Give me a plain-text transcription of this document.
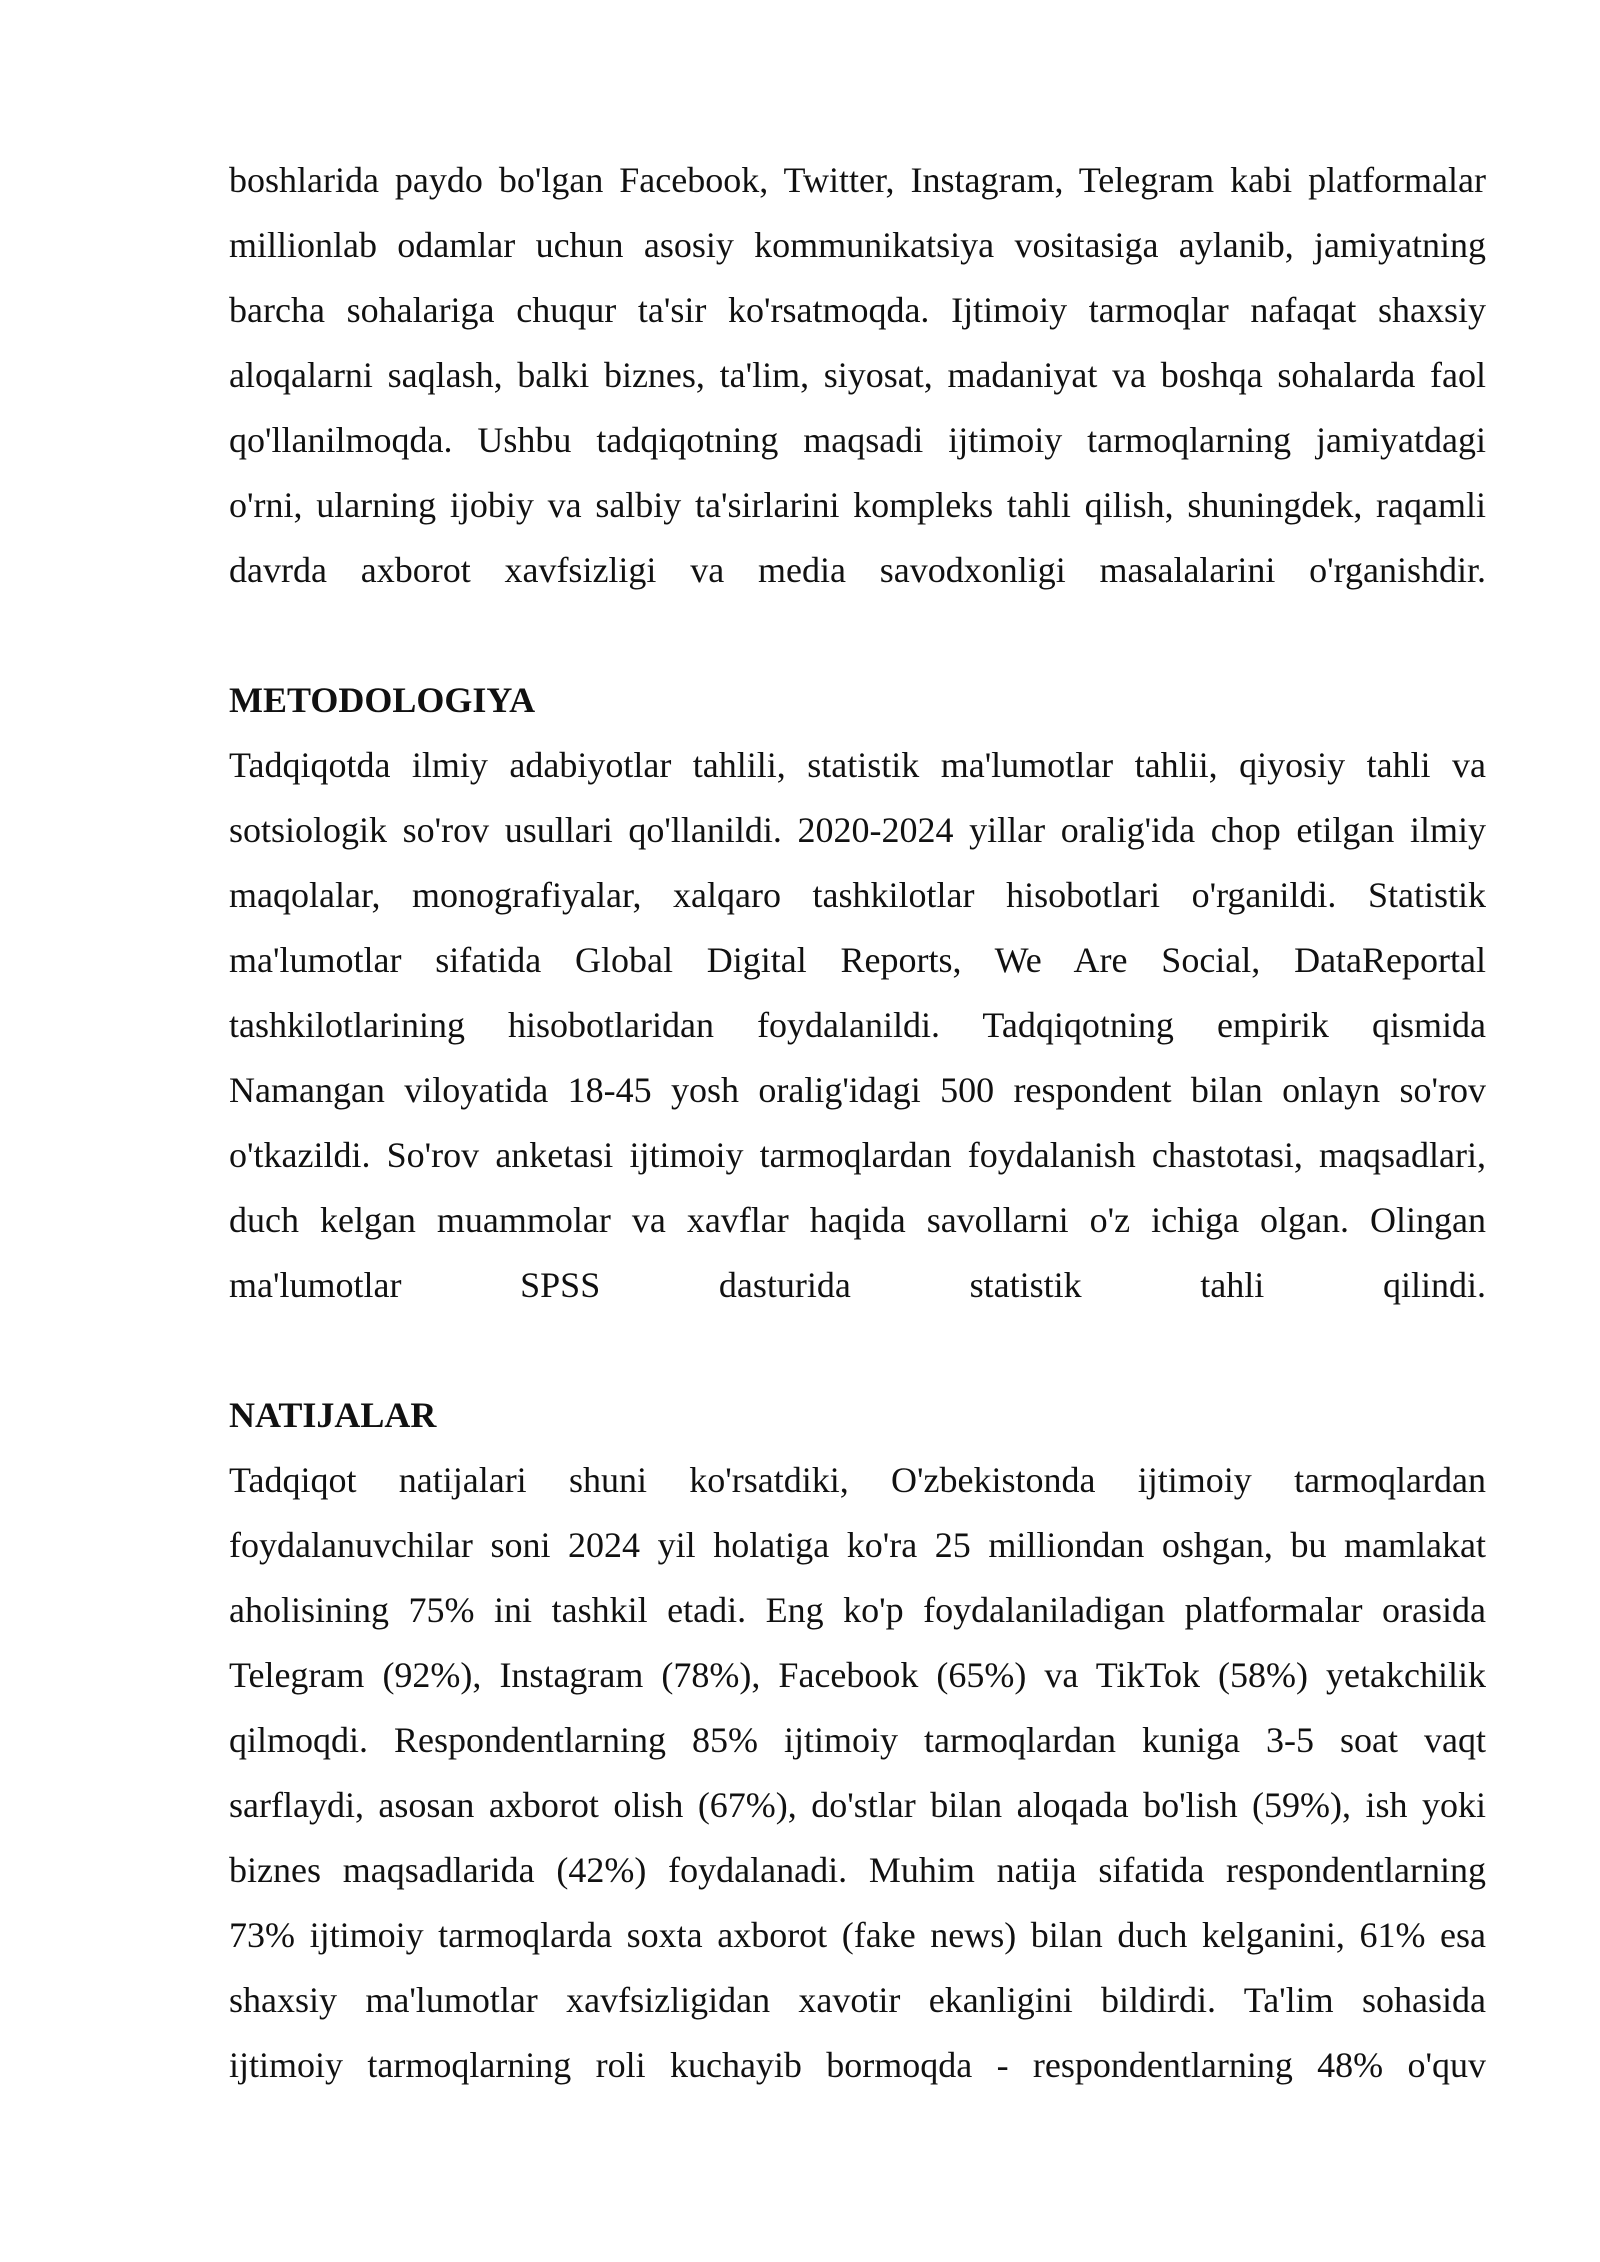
boshlarida paydo bo'lgan Facebook, Twitter, Instagram, Telegram kabi platformalar

millionlab odamlar uchun asosiy kommunikatsiya vositasiga aylanib, jamiyatning

barcha sohalariga chuqur ta'sir ko'rsatmoqda. Ijtimoiy tarmoqlar nafaqat shaxsiy

aloqalarni saqlash, balki biznes, ta'lim, siyosat, madaniyat va boshqa sohalarda faol

qo'llanilmoqda. Ushbu tadqiqotning maqsadi ijtimoiy tarmoqlarning jamiyatdagi

o'rni, ularning ijobiy va salbiy ta'sirlarini kompleks tahli qilish, shuningdek, raqamli

davrda axborot xavfsizligi va media savodxonligi masalalarini o'rganishdir.

METODOLOGIYA

Tadqiqotda ilmiy adabiyotlar tahlili, statistik ma'lumotlar tahlii, qiyosiy tahli va

sotsiologik so'rov usullari qo'llanildi. 2020-2024 yillar oralig'ida chop etilgan ilmiy

maqolalar, monografiyalar, xalqaro tashkilotlar hisobotlari o'rganildi. Statistik

ma'lumotlar sifatida Global Digital Reports, We Are Social, DataReportal

tashkilotlarining hisobotlaridan foydalanildi. Tadqiqotning empirik qismida

Namangan viloyatida 18-45 yosh oralig'idagi 500 respondent bilan onlayn so'rov

o'tkazildi. So'rov anketasi ijtimoiy tarmoqlardan foydalanish chastotasi, maqsadlari,

duch kelgan muammolar va xavflar haqida savollarni o'z ichiga olgan. Olingan

ma'lumotlar SPSS dasturida statistik tahli qilindi.

NATIJALAR

Tadqiqot natijalari shuni ko'rsatdiki, O'zbekistonda ijtimoiy tarmoqlardan

foydalanuvchilar soni 2024 yil holatiga ko'ra 25 milliondan oshgan, bu mamlakat

aholisining 75% ini tashkil etadi. Eng ko'p foydalaniladigan platformalar orasida

Telegram (92%), Instagram (78%), Facebook (65%) va TikTok (58%) yetakchilik

qilmoqdi. Respondentlarning 85% ijtimoiy tarmoqlardan kuniga 3-5 soat vaqt

sarflaydi, asosan axborot olish (67%), do'stlar bilan aloqada bo'lish (59%), ish yoki

biznes maqsadlarida (42%) foydalanadi. Muhim natija sifatida respondentlarning

73% ijtimoiy tarmoqlarda soxta axborot (fake news) bilan duch kelganini, 61% esa

shaxsiy ma'lumotlar xavfsizligidan xavotir ekanligini bildirdi. Ta'lim sohasida

ijtimoiy tarmoqlarning roli kuchayib bormoqda - respondentlarning 48% o'quv
